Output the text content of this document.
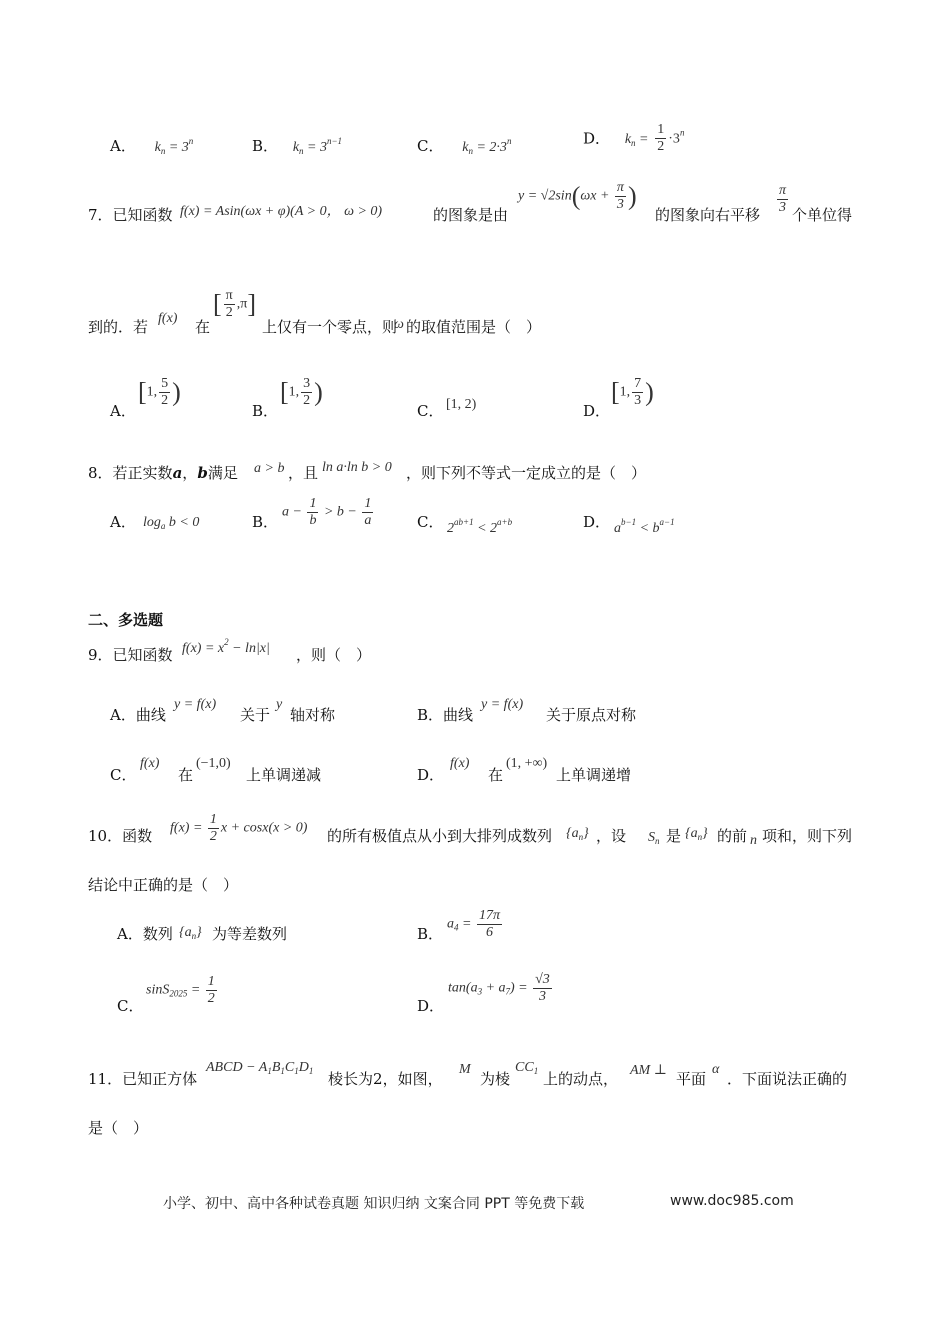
A． $k_n = 3^n$	B． $k_n = 3^{n-1}$	C． $k_n = 2\cdot 3^n$	D． $k_n = \frac{1}{2} \cdot 3^n$
7．已知函数 f(x) = Asin(ωx + φ)(A > 0， ω > 0)	的图象是由
$y = √2\sin(\omega x + \frac{\pi}{3}$ )
的图象向右平移 $\frac{\pi}{3}$ 个单位得
到的．若 f(x) 在
[ $\frac{\pi}{2} ,\pi$]
上仅有一个零点，则
ω 的取值范围是（　）
A．
[1, $\frac{5}{2}$ )
B．
[1, $\frac{3}{2}$ )
C． [1, 2)	D．
[1, $\frac{7}{3}$ )
8．若正实数a，b满足 a > b ，且 ln a·ln b > 0 ，则下列不等式一定成立的是（　）
A． $\log_a b < 0$	B．
$a - \frac{1}{b} > b - \frac{1}{a}$	C． $2^{ab+1} < 2^{a+b}$	D． $a^{b-1} < b^{a-1}$
二、多选题
9．已知函数 $f(x) = x^2 - \ln|x|$ ，则（　）
A．曲线
y = f(x)
关于
y
轴对称	B．曲线
y = f(x)
关于原点对称
C．
f(x)
在
(−1,0)
上单调递减	D．
f(x)
在
(1, +∞)
上单调递增
10．函数 $f(x) = \frac{1}{2}$ x + cosx(x > 0) 的所有极值点从小到大排列成数列 $\{a_n\}$ ，设 $S_n$ 是 $\{a_n\}$ 的前 n 项和，则下列
结论中正确的是（　）
A．数列 $\{a_n\}$ 为等差数列	B．
$a_4 = \frac{17\pi}{6}$
C．
$\sin S_{2025} = \frac{1}{2}$	D．
$\tan(a_3 + a_7) = \frac{√3}{3}$
11．已知正方体
ABCD − $A_1B_1C_1D_1$ 棱长为2，如图，
M
为棱
$CC_1$ 上的动点， AM ⊥ 平面
α
．下面说法正确的
是（　）
小学、初中、高中各种试卷真题 知识归纳 文案合同 PPT 等免费下载	www.doc985.com
